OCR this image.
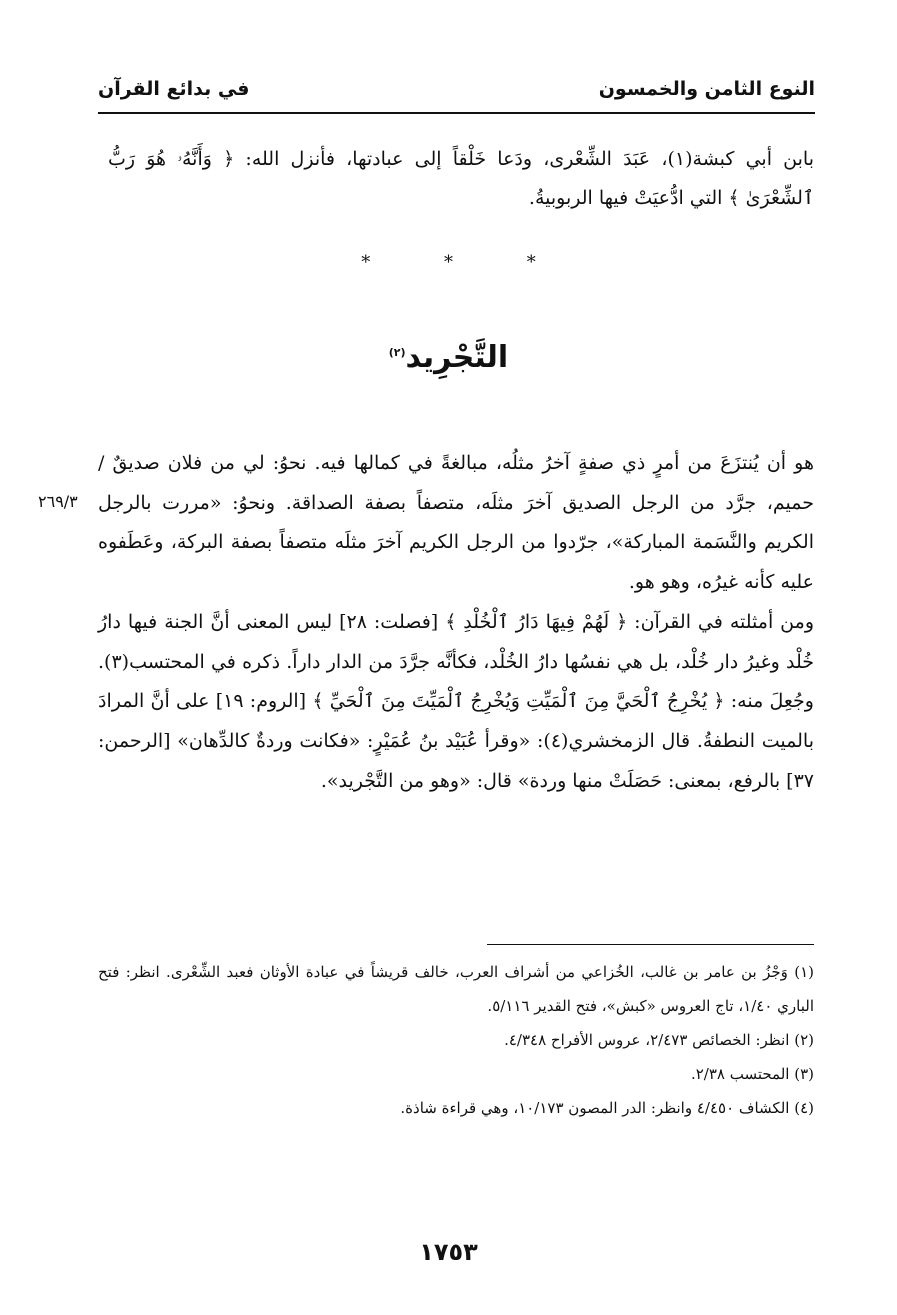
النوع الثامن والخمسون
في بدائع القرآن
بابن أبي كبشة(١)، عَبَدَ الشِّعْرى، ودَعا خَلْقاً إلى عبادتها، فأنزل الله: ﴿ وَأَنَّهُۥ هُوَ رَبُّ ٱلشِّعْرَىٰ ﴾ التي ادُّعيَتْ فيها الربوبيةُ.
* * *
التَّجْرِيد$^{(٢)}$
٢٦٩/٣

هو أن يُنتزَعَ من أمرٍ ذي صفةٍ آخرُ مثلُه، مبالغةً في كمالها فيه. نحوُ: لي من فلان صديقٌ / حميم، جرَّد من الرجل الصديق آخرَ مثلَه، متصفاً بصفة الصداقة. ونحوُ: «مررت بالرجل الكريم والنَّسَمة المباركة»، جرّدوا من الرجل الكريم آخرَ مثلَه متصفاً بصفة البركة، وعَطَفوه عليه كأنه غيرُه، وهو هو.

ومن أمثلته في القرآن: ﴿ لَهُمْ فِيهَا دَارُ ٱلْخُلْدِ ﴾ [فصلت: ٢٨] ليس المعنى أنَّ الجنة فيها دارُ خُلْد وغيرُ دار خُلْد، بل هي نفسُها دارُ الخُلْد، فكأنَّه جرَّدَ من الدار داراً. ذكره في المحتسب(٣). وجُعِلَ منه: ﴿ يُخْرِجُ ٱلْحَيَّ مِنَ ٱلْمَيِّتِ وَيُخْرِجُ ٱلْمَيِّتَ مِنَ ٱلْحَيِّ ﴾ [الروم: ١٩] على أنَّ المرادَ بالميت النطفةُ. قال الزمخشري(٤): «وقرأ عُبَيْد بنُ عُمَيْرٍ: «فكانت وردةٌ كالدِّهان» [الرحمن: ٣٧] بالرفع، بمعنى: حَصَلَتْ منها وردة» قال: «وهو من التَّجْريد».

(١) وَجْزُ بن عامر بن غالب، الخُزاعي من أشراف العرب، خالف قريشاً في عبادة الأوثان فعبد الشِّعْرى. انظر: فتح الباري ١/٤٠، تاج العروس «كبش»، فتح القدير ٥/١١٦.
(٢) انظر: الخصائص ٢/٤٧٣، عروس الأفراح ٤/٣٤٨.
(٣) المحتسب ٢/٣٨.
(٤) الكشاف ٤/٤٥٠ وانظر: الدر المصون ١٠/١٧٣، وهي قراءة شاذة.
١٧٥٣
